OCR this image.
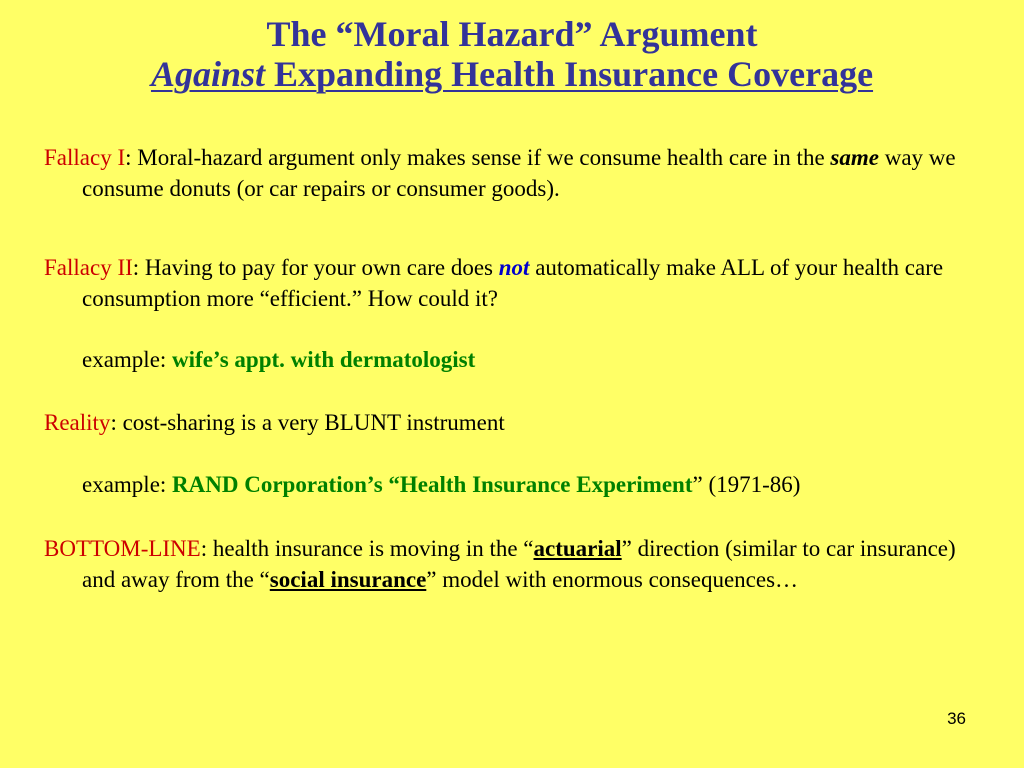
The “Moral Hazard” Argument
Against Expanding Health Insurance Coverage
Fallacy I: Moral-hazard argument only makes sense if we consume health care in the same way we consume donuts (or car repairs or consumer goods).
Fallacy II: Having to pay for your own care does not automatically make ALL of your health care consumption more “efficient.” How could it?
example: wife’s appt. with dermatologist
Reality: cost-sharing is a very BLUNT instrument
example: RAND Corporation’s “Health Insurance Experiment” (1971-86)
BOTTOM-LINE: health insurance is moving in the “actuarial” direction (similar to car insurance) and away from the “social insurance” model with enormous consequences…
36
